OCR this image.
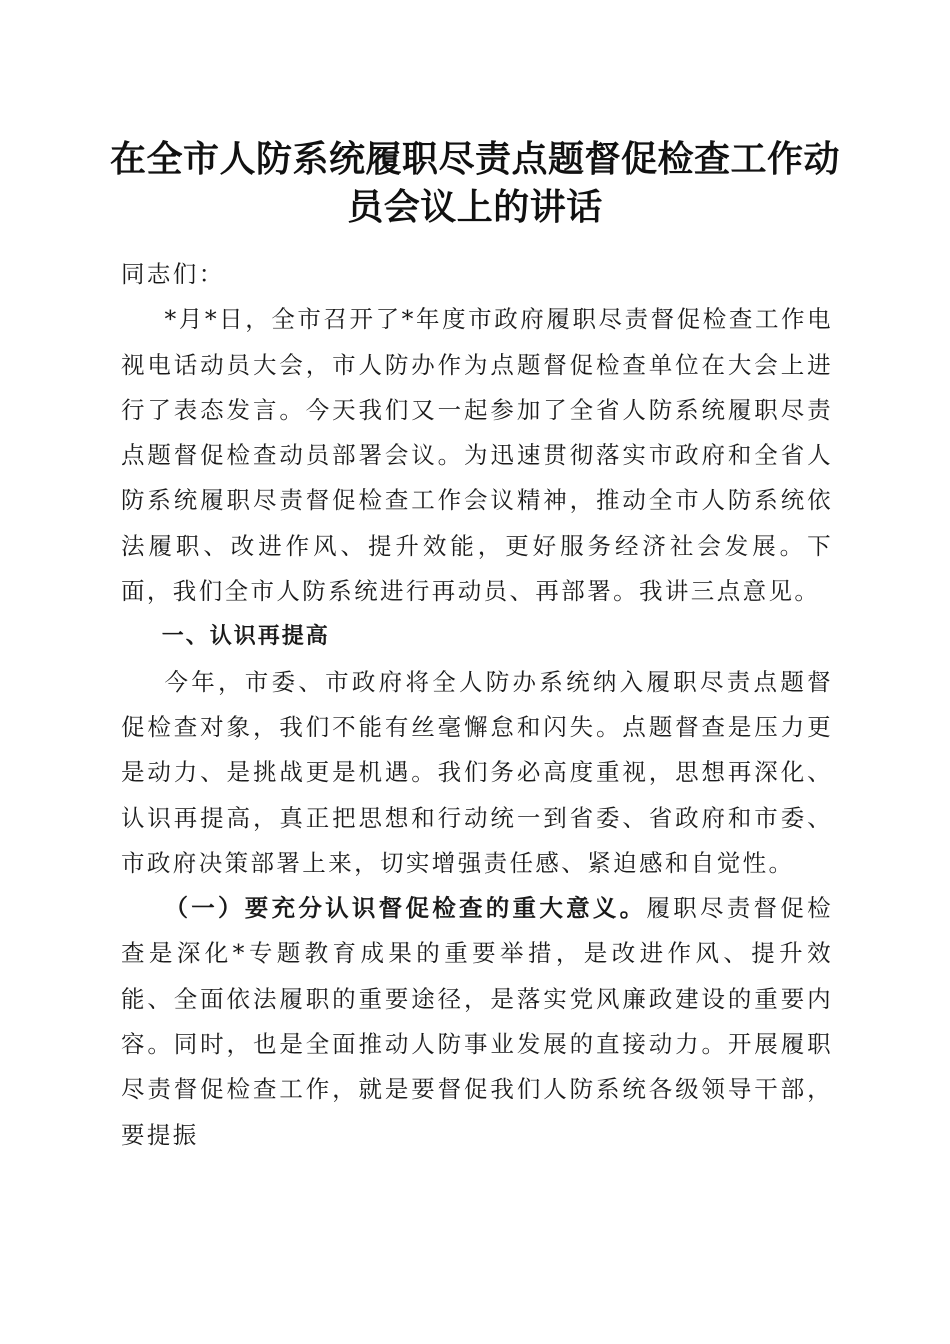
在全市人防系统履职尽责点题督促检查工作动
员会议上的讲话

同志们：

*月*日，全市召开了*年度市政府履职尽责督促检查工作电视电话动员大会，市人防办作为点题督促检查单位在大会上进行了表态发言。今天我们又一起参加了全省人防系统履职尽责点题督促检查动员部署会议。为迅速贯彻落实市政府和全省人防系统履职尽责督促检查工作会议精神，推动全市人防系统依法履职、改进作风、提升效能，更好服务经济社会发展。下面，我们全市人防系统进行再动员、再部署。我讲三点意见。

一、认识再提高

今年，市委、市政府将全人防办系统纳入履职尽责点题督促检查对象，我们不能有丝毫懈怠和闪失。点题督查是压力更是动力、是挑战更是机遇。我们务必高度重视，思想再深化、认识再提高，真正把思想和行动统一到省委、省政府和市委、市政府决策部署上来，切实增强责任感、紧迫感和自觉性。

（一）要充分认识督促检查的重大意义。履职尽责督促检查是深化*专题教育成果的重要举措，是改进作风、提升效能、全面依法履职的重要途径，是落实党风廉政建设的重要内容。同时，也是全面推动人防事业发展的直接动力。开展履职尽责督促检查工作，就是要督促我们人防系统各级领导干部，要提振
